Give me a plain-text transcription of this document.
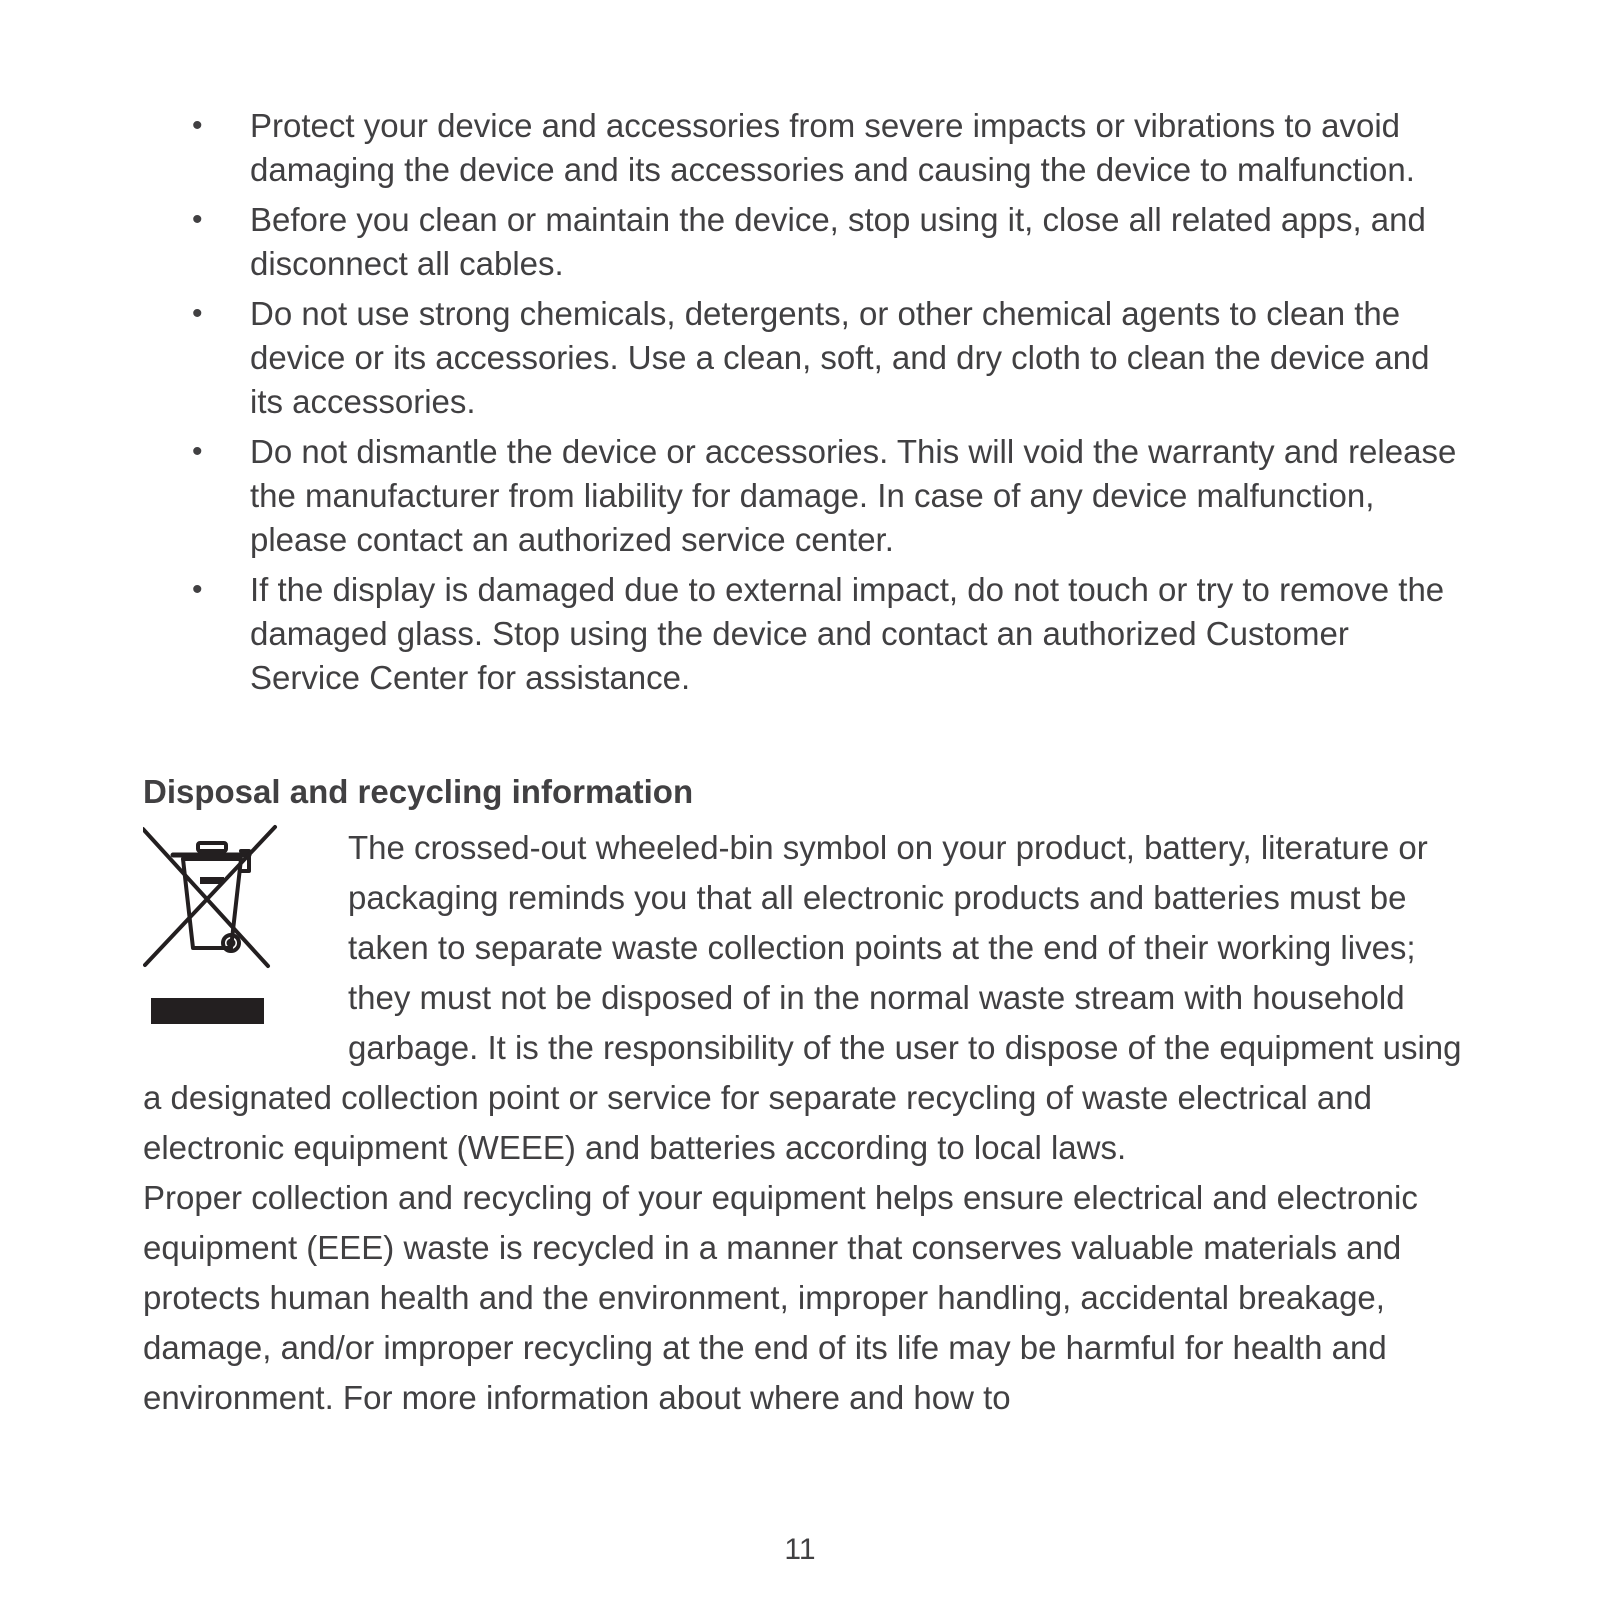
• Protect your device and accessories from severe impacts or vibrations to avoid damaging the device and its accessories and causing the device to malfunction.
• Before you clean or maintain the device, stop using it, close all related apps, and disconnect all cables.
• Do not use strong chemicals, detergents, or other chemical agents to clean the device or its accessories. Use a clean, soft, and dry cloth to clean the device and its accessories.
• Do not dismantle the device or accessories. This will void the warranty and release the manufacturer from liability for damage. In case of any device malfunction, please contact an authorized service center.
• If the display is damaged due to external impact, do not touch or try to remove the damaged glass. Stop using the device and contact an authorized Customer Service Center for assistance.
Disposal and recycling information

The crossed-out wheeled-bin symbol on your product, battery, literature or packaging reminds you that all electronic products and batteries must be taken to separate waste collection points at the end of their working lives; they must not be disposed of in the normal waste stream with household garbage. It is the responsibility of the user to dispose of the equipment using a designated collection point or service for separate recycling of waste electrical and electronic equipment (WEEE) and batteries according to local laws.

Proper collection and recycling of your equipment helps ensure electrical and electronic equipment (EEE) waste is recycled in a manner that conserves valuable materials and protects human health and the environment, improper handling, accidental breakage, damage, and/or improper recycling at the end of its life may be harmful for health and environment. For more information about where and how to

11
